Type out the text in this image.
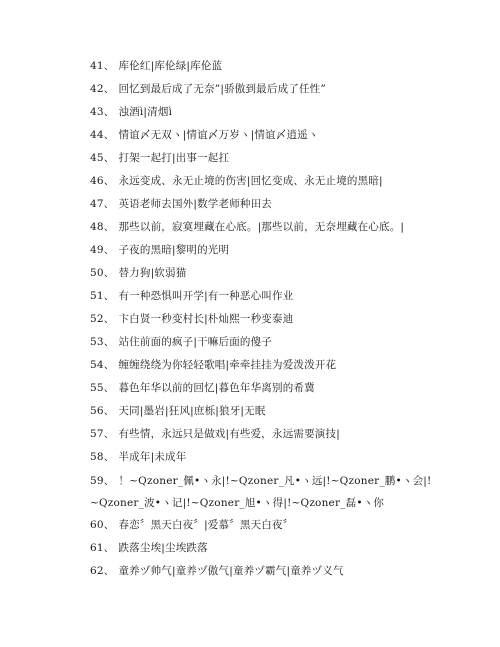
41、 库伦红|库伦绿|库伦蓝
42、 回忆到最后成了无奈”|骄傲到最后成了任性”
43、 浊酒ì|清烟ì
44、 情谊〆无双ヽ|情谊〆万岁ヽ|情谊〆逍遥ヽ
45、 打架一起打|出事一起扛
46、 永远变成、永无止境的伤害|回忆变成、永无止境的黑暗|
47、 英语老师去国外|数学老师种田去
48、 那些以前，寂寞埋藏在心底。|那些以前，无奈埋藏在心底。|
49、 子夜的黑暗|黎明的光明
50、 替力狗|软弱猫
51、 有一种恐惧叫开学|有一种恶心叫作业
52、 卞白贤一秒变村长|朴灿熙一秒变泰迪
53、 站住前面的疯子|干嘛后面的傻子
54、 缠缠绕绕为你轻轻歌唱|牵牵挂挂为爱泼泼开花
55、 暮色年华以前的回忆|暮色年华离别的希冀
56、 天同|墨岩|狂风|庶栎|狼牙|无眠
57、 有些情，永远只是做戏|有些爱，永远需要演技|
58、 半成年|未成年
59、 ！~Qzoner_佩•ヽ永|!~Qzoner_凡•ヽ远|!~Qzoner_鹏•ヽ会|!~Qzoner_波•ヽ记|!~Qzoner_旭•ヽ得|!~Qzoner_磊•ヽ你
60、 春恋〞黑天白夜〞|爱慕〞黑天白夜〞
61、 跌落尘埃|尘埃跌落
62、 童养ヅ帅气|童养ヅ傲气|童养ヅ霸气|童养ヅ义气
